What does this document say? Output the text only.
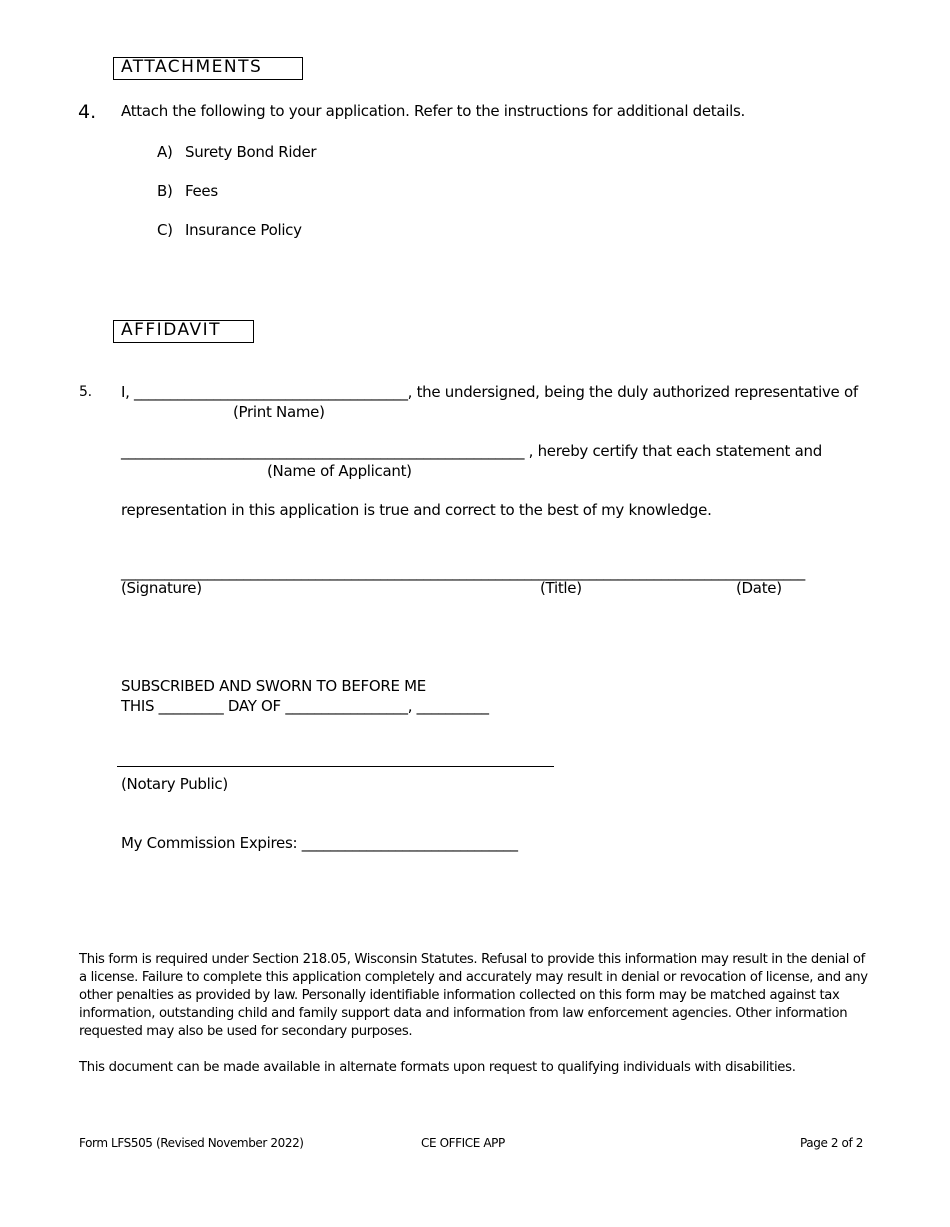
ATTACHMENTS
4. Attach the following to your application. Refer to the instructions for additional details.
A) Surety Bond Rider
B) Fees
C) Insurance Policy
AFFIDAVIT
5. I, ______________________________________, the undersigned, being the duly authorized representative of
(Print Name)
________________________________________________________ , hereby certify that each statement and
(Name of Applicant)
representation in this application is true and correct to the best of my knowledge.
_______________________________________________________________________________________________
(Signature)	(Title)	(Date)
SUBSCRIBED AND SWORN TO BEFORE ME
THIS _________ DAY OF _________________, __________
(Notary Public)
My Commission Expires: ______________________________
This form is required under Section 218.05, Wisconsin Statutes. Refusal to provide this information may result in the denial of a license. Failure to complete this application completely and accurately may result in denial or revocation of license, and any other penalties as provided by law. Personally identifiable information collected on this form may be matched against tax information, outstanding child and family support data and information from law enforcement agencies. Other information requested may also be used for secondary purposes.
This document can be made available in alternate formats upon request to qualifying individuals with disabilities.
Form LFS505 (Revised November 2022)	CE OFFICE APP	Page 2 of 2
